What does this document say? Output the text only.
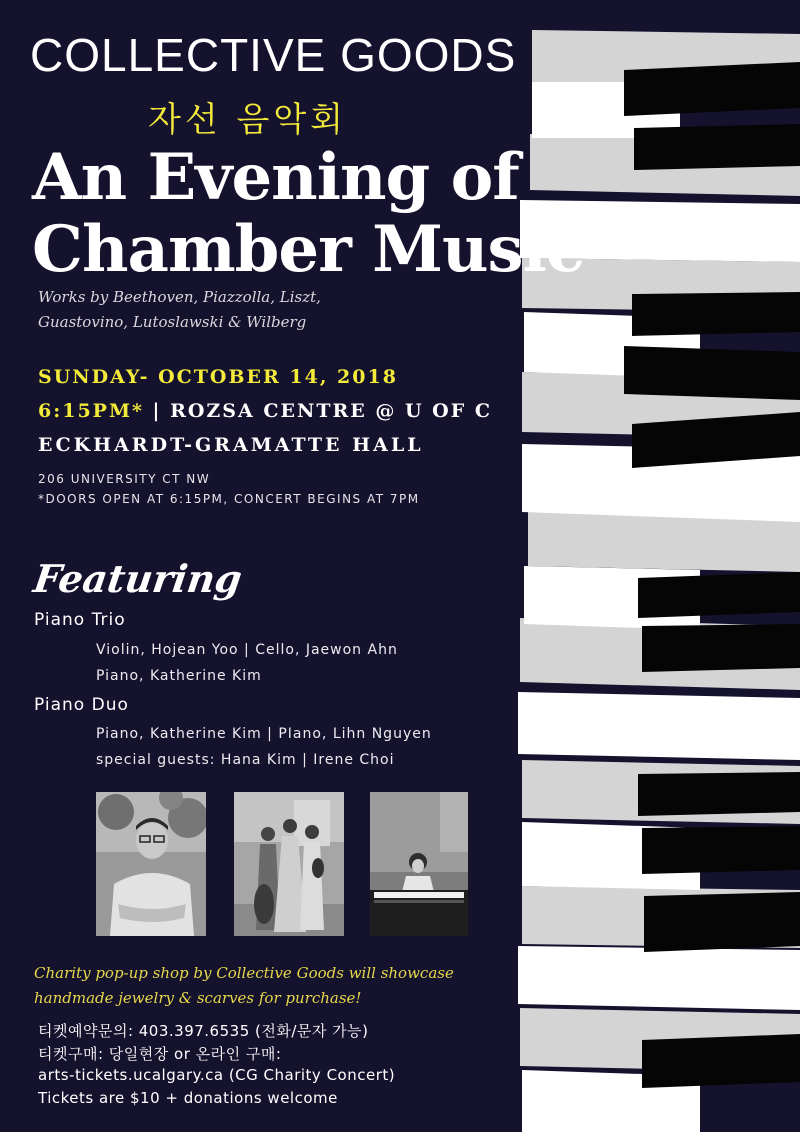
COLLECTIVE GOODS
자선 음악회
An Evening of
Chamber Music
Works by Beethoven, Piazzolla, Liszt,
Guastovino, Lutoslawski & Wilberg
SUNDAY- OCTOBER 14, 2018
6:15PM* | ROZSA CENTRE @ U OF C
ECKHARDT-GRAMATTE HALL
206 UNIVERSITY CT NW
*DOORS OPEN AT 6:15PM, CONCERT BEGINS AT 7PM
Featuring
Piano Trio
Violin, Hojean Yoo | Cello, Jaewon Ahn
Piano, Katherine Kim
Piano Duo
Piano, Katherine Kim | PIano, Lihn Nguyen
special guests: Hana Kim | Irene Choi
Charity pop-up shop by Collective Goods will showcase
handmade jewelry & scarves for purchase!
티켓예약문의: 403.397.6535 (전화/문자 가능)
티켓구매: 당일현장 or 온라인 구매:
arts-tickets.ucalgary.ca (CG Charity Concert)
Tickets are $10 + donations welcome
